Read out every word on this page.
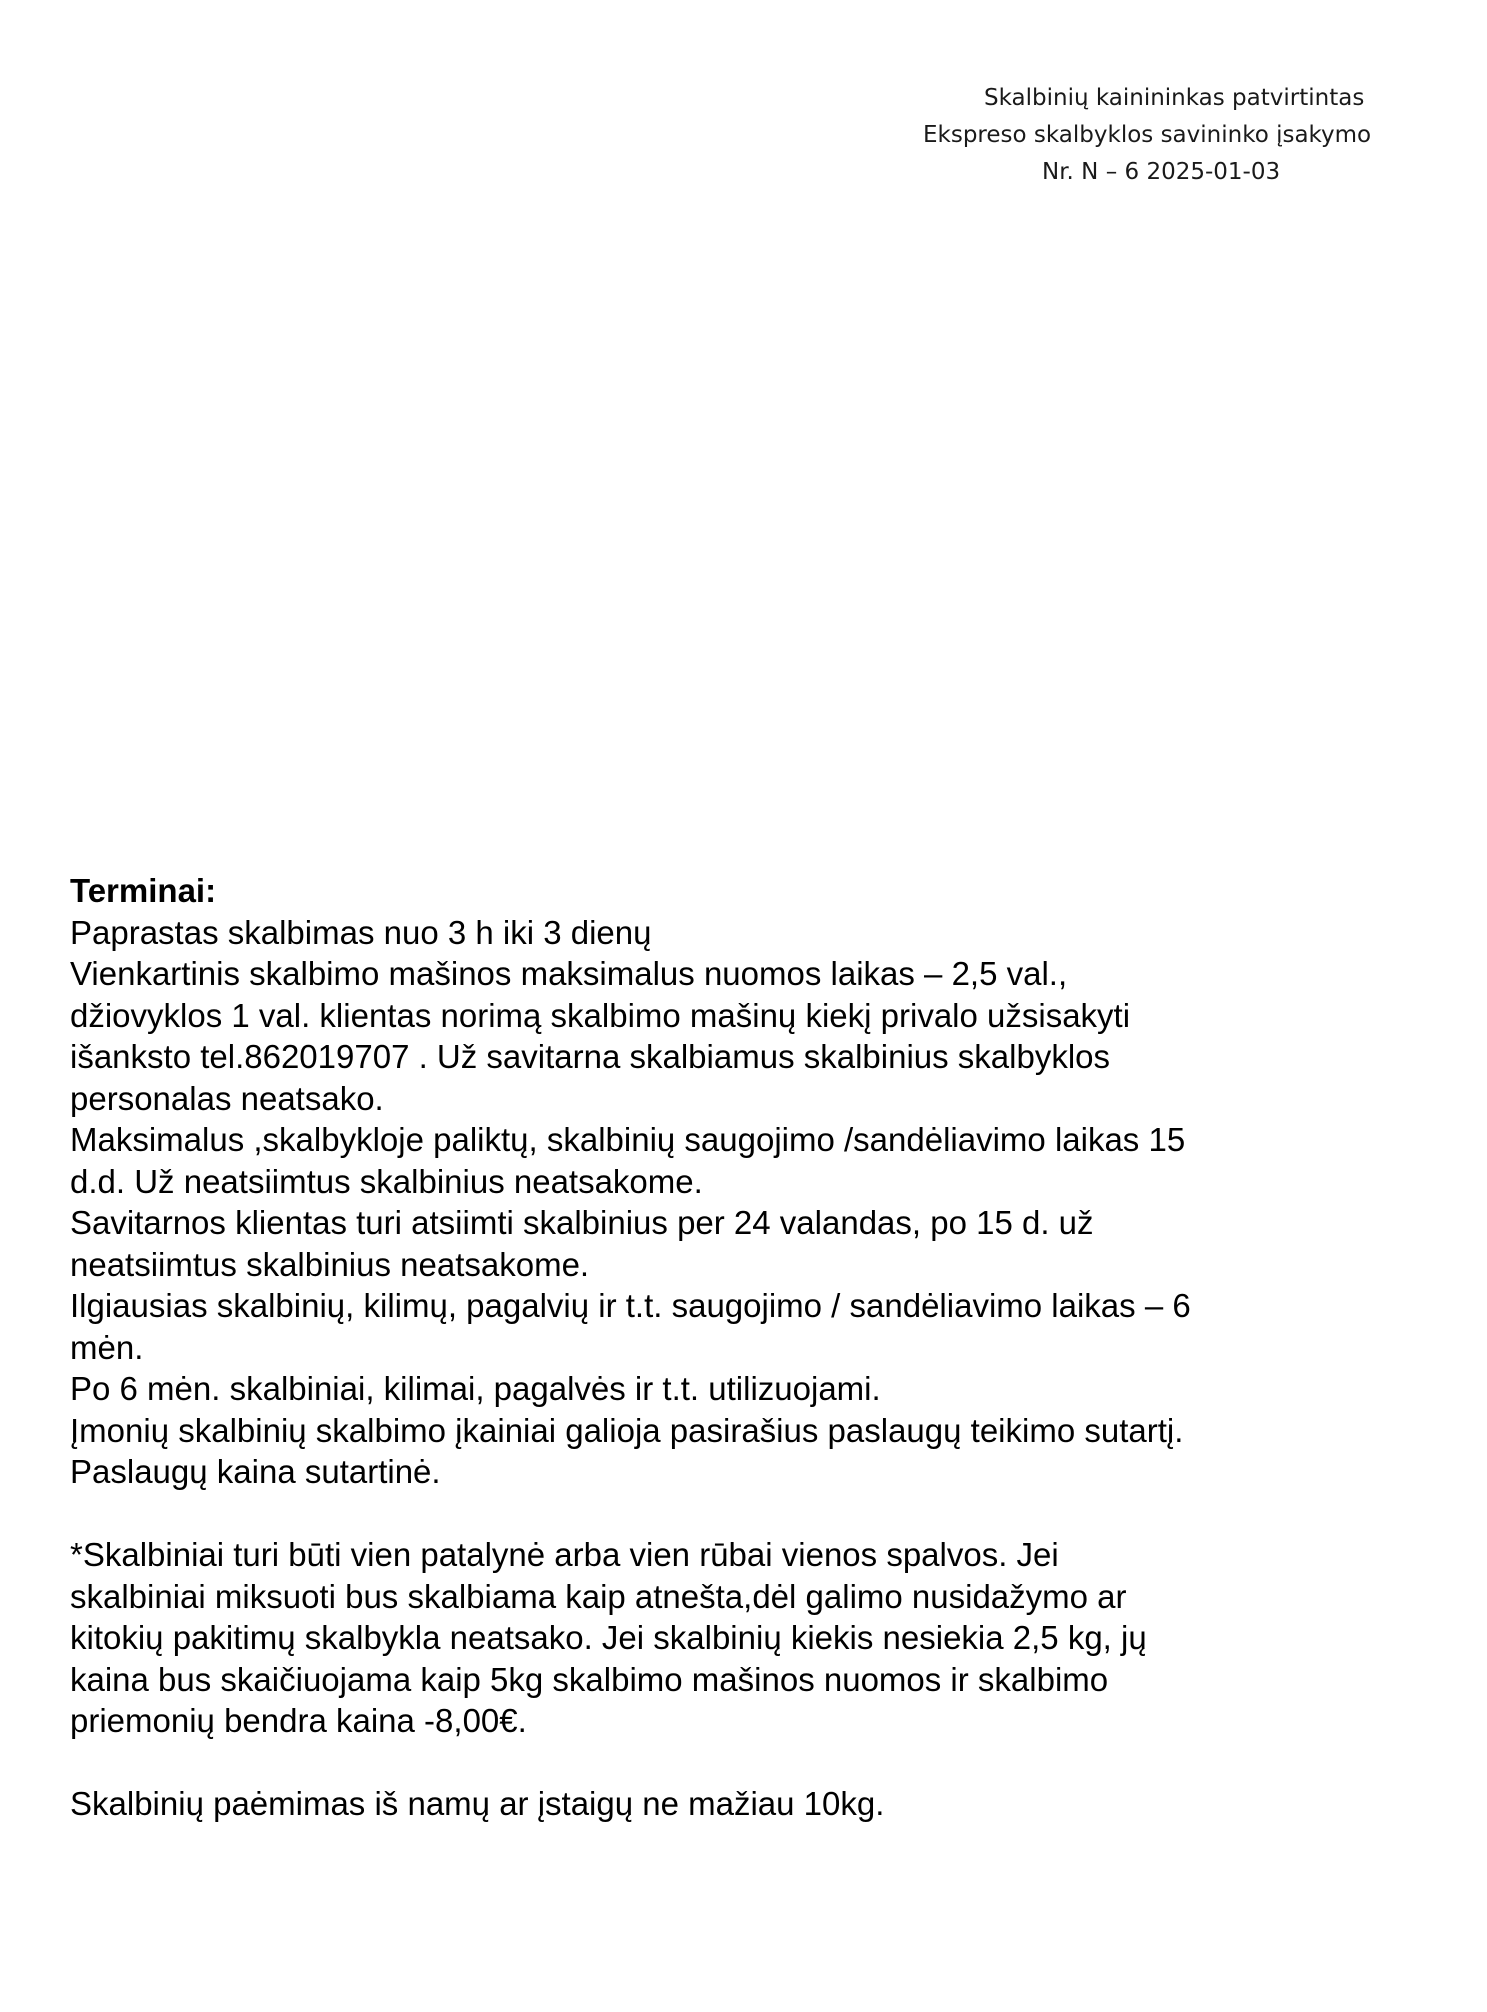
Skalbinių kainininkas patvirtintas
Ekspreso skalbyklos savininko įsakymo
Nr. N – 6 2025-01-03

Terminai:

Paprastas skalbimas nuo 3 h iki 3 dienų

Vienkartinis skalbimo mašinos maksimalus nuomos laikas – 2,5 val.,

džiovyklos 1 val. klientas norimą skalbimo mašinų kiekį privalo užsisakyti

išanksto tel.862019707 . Už savitarna skalbiamus skalbinius skalbyklos

personalas neatsako.

Maksimalus ,skalbykloje paliktų, skalbinių saugojimo /sandėliavimo laikas 15

d.d. Už neatsiimtus skalbinius neatsakome.

Savitarnos klientas turi atsiimti skalbinius per 24 valandas, po 15 d. už

neatsiimtus skalbinius neatsakome.

Ilgiausias skalbinių, kilimų, pagalvių ir t.t. saugojimo / sandėliavimo laikas – 6

mėn.

Po 6 mėn. skalbiniai, kilimai, pagalvės ir t.t. utilizuojami.

Įmonių skalbinių skalbimo įkainiai galioja pasirašius paslaugų teikimo sutartį.

Paslaugų kaina sutartinė.

*Skalbiniai turi būti vien patalynė arba vien rūbai vienos spalvos. Jei

skalbiniai miksuoti bus skalbiama kaip atnešta,dėl galimo nusidažymo ar

kitokių pakitimų skalbykla neatsako. Jei skalbinių kiekis nesiekia 2,5 kg, jų

kaina bus skaičiuojama kaip 5kg skalbimo mašinos nuomos ir skalbimo

priemonių bendra kaina -8,00€.

Skalbinių paėmimas iš namų ar įstaigų ne mažiau 10kg.
